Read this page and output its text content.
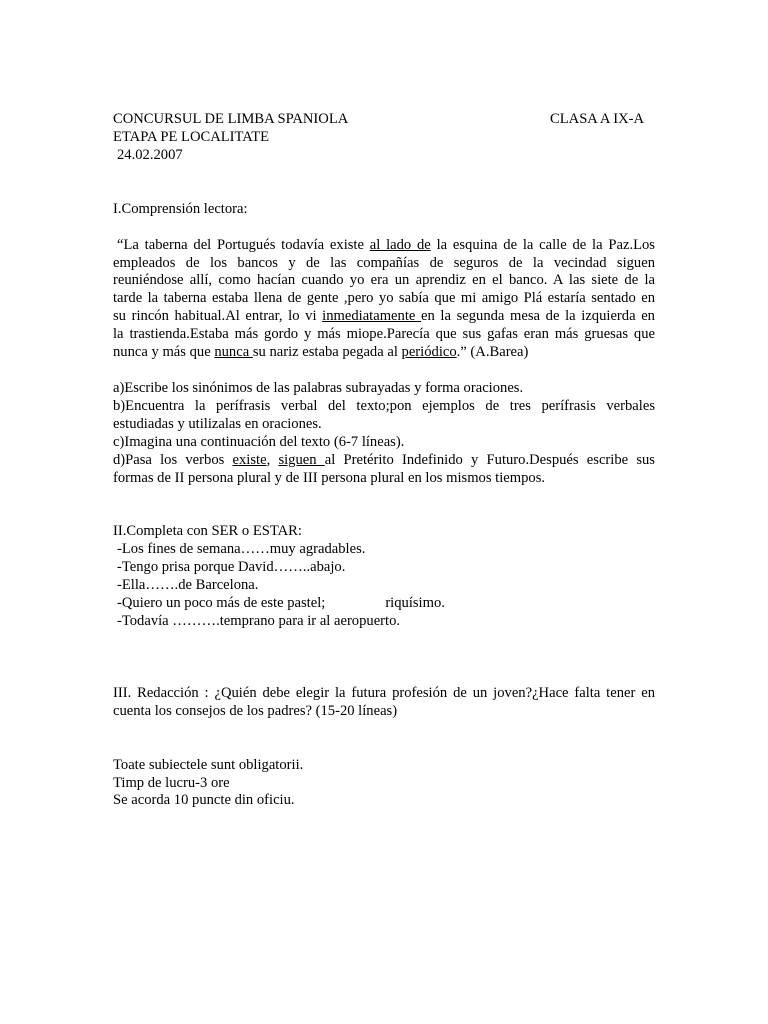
CONCURSUL DE LIMBA SPANIOLA	CLASA A IX-A
ETAPA PE LOCALITATE
24.02.2007
I.Comprensión lectora:
“La taberna del Portugués todavía existe al lado de la esquina de la calle de la Paz.Los
empleados de los bancos y de las compañías de seguros de la vecindad siguen
reuniéndose allí, como hacían cuando yo era un aprendiz en el banco. A las siete de la
tarde la taberna estaba llena de gente ,pero yo sabía que mi amigo Plá estaría sentado en
su rincón habitual.Al entrar, lo vi inmediatamente en la segunda mesa de la izquierda en
la trastienda.Estaba más gordo y más miope.Parecía que sus gafas eran más gruesas que
nunca y más que nunca su nariz estaba pegada al periódico.” (A.Barea)
a)Escribe los sinónimos de las palabras subrayadas y forma oraciones.
b)Encuentra la perífrasis verbal del texto;pon ejemplos de tres perífrasis verbales
estudiadas y utilizalas en oraciones.
c)Imagina una continuación del texto (6-7 líneas).
d)Pasa los verbos existe, siguen al Pretérito Indefinido y Futuro.Después escribe sus
formas de II persona plural y de III persona plural en los mismos tiempos.
II.Completa con SER o ESTAR:
-Los fines de semana……muy agradables.
-Tengo prisa porque David……..abajo.
-Ella…….de Barcelona.
-Quiero un poco más de este pastel;	riquísimo.
-Todavía ……….temprano para ir al aeropuerto.
III. Redacción : ¿Quién debe elegir la futura profesión de un joven?¿Hace falta tener en
cuenta los consejos de los padres? (15-20 líneas)
Toate subiectele sunt obligatorii.
Timp de lucru-3 ore
Se acorda 10 puncte din oficiu.
